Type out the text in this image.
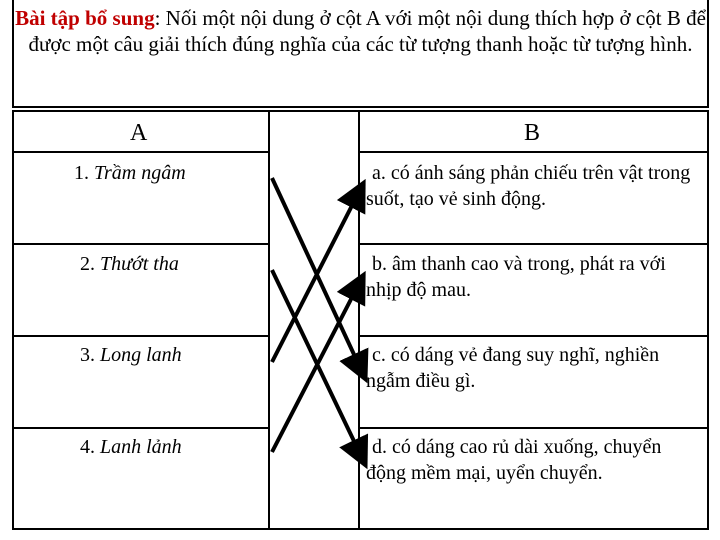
Bài tập bổ sung: Nối một nội dung ở cột A với một nội dung thích hợp ở cột B để được một câu giải thích đúng nghĩa của các từ tượng thanh hoặc từ tượng hình.
A	B
1. Trầm ngâm
2. Thướt tha
3. Long lanh
4. Lanh lảnh
a. có ánh sáng phản chiếu trên vật trong suốt, tạo vẻ sinh động.
b. âm thanh cao và trong, phát ra với nhịp độ mau.
c. có dáng vẻ đang suy nghĩ, nghiền ngẫm điều gì.
d. có dáng cao rủ dài xuống, chuyển động mềm mại, uyển chuyển.
